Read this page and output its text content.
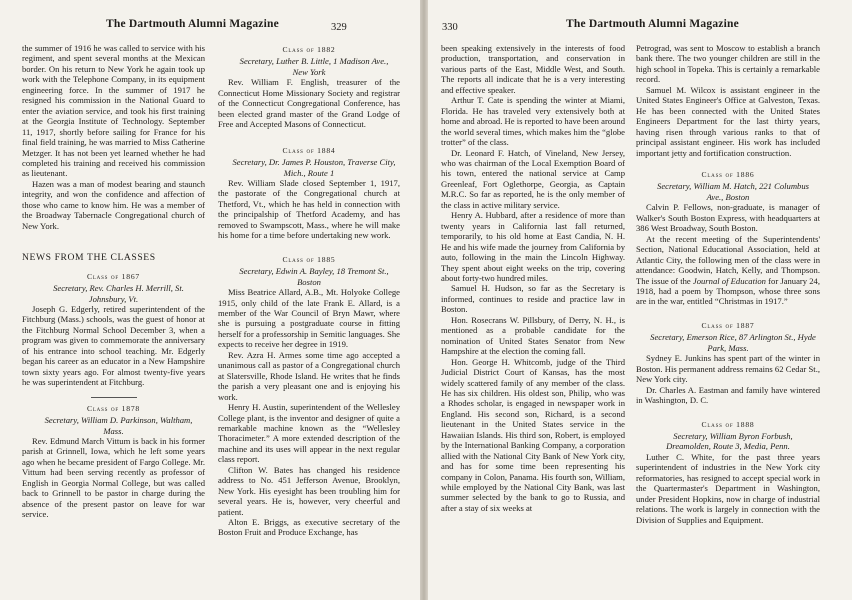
The Dartmouth Alumni Magazine	329

the summer of 1916 he was called to service with his regiment, and spent several months at the Mexican border. On his return to New York he again took up work with the Telephone Company, in its equipment engineering force. In the summer of 1917 he resigned his commission in the National Guard to enter the aviation service, and took his first training at the Georgia Institute of Technology. September 11, 1917, shortly before sailing for France for his final field training, he was married to Miss Catherine Metzger. It has not been yet learned whether he had completed his training and received his commission as lieutenant.

Hazen was a man of modest bearing and staunch integrity, and won the confidence and affection of those who came to know him. He was a member of the Broadway Tabernacle Congregational church of New York.

NEWS FROM THE CLASSES
Class of 1867

Secretary, Rev. Charles H. Merrill, St. Johnsbury, Vt.

Joseph G. Edgerly, retired superintendent of the Fitchburg (Mass.) schools, was the guest of honor at the Fitchburg Normal School December 3, when a program was given to commemorate the anniversary of his entrance into school teaching. Mr. Edgerly began his career as an educator in a New Hampshire town sixty years ago. For almost twenty-five years he was superintendent at Fitchburg.

Class of 1878

Secretary, William D. Parkinson, Waltham, Mass.

Rev. Edmund March Vittum is back in his former parish at Grinnell, Iowa, which he left some years ago when he became president of Fargo College. Mr. Vittum had been serving recently as professor of English in Georgia Normal College, but was called back to Grinnell to be pastor in charge during the absence of the present pastor on leave for war service.

Class of 1882

Secretary, Luther B. Little, 1 Madison Ave., New York

Rev. William F. English, treasurer of the Connecticut Home Missionary Society and registrar of the Connecticut Congregational Conference, has been elected grand master of the Grand Lodge of Free and Accepted Masons of Connecticut.

Class of 1884

Secretary, Dr. James P. Houston, Traverse City, Mich., Route 1

Rev. William Slade closed September 1, 1917, the pastorate of the Congregational church at Thetford, Vt., which he has held in connection with the principalship of Thetford Academy, and has removed to Swampscott, Mass., where he will make his home for a time before undertaking new work.

Class of 1885

Secretary, Edwin A. Bayley, 18 Tremont St., Boston

Miss Beatrice Allard, A.B., Mt. Holyoke College 1915, only child of the late Frank E. Allard, is a member of the War Council of Bryn Mawr, where she is pursuing a postgraduate course in fitting herself for a professorship in Semitic languages. She expects to receive her degree in 1919.

Rev. Azra H. Armes some time ago accepted a unanimous call as pastor of a Congregational church at Slatersville, Rhode Island. He writes that he finds the parish a very pleasant one and is enjoying his work.

Henry H. Austin, superintendent of the Wellesley College plant, is the inventor and designer of quite a remarkable machine known as the “Wellesley Thoracimeter.” A more extended description of the machine and its uses will appear in the next regular class report.

Clifton W. Bates has changed his residence address to No. 451 Jefferson Avenue, Brooklyn, New York. His eyesight has been troubling him for several years. He is, however, very cheerful and patient.

Alton E. Briggs, as executive secretary of the Boston Fruit and Produce Exchange, has

330	The Dartmouth Alumni Magazine

been speaking extensively in the interests of food production, transportation, and conservation in various parts of the East, Middle West, and South. The reports all indicate that he is a very interesting and effective speaker.

Arthur T. Cate is spending the winter at Miami, Florida. He has traveled very extensively both at home and abroad. He is reported to have been around the world several times, which makes him the “globe trotter” of the class.

Dr. Leonard F. Hatch, of Vineland, New Jersey, who was chairman of the Local Exemption Board of his town, entered the national service at Camp Greenleaf, Fort Oglethorpe, Georgia, as Captain M.R.C. So far as reported, he is the only member of the class in active military service.

Henry A. Hubbard, after a residence of more than twenty years in California last fall returned, temporarily, to his old home at East Candia, N. H. He and his wife made the journey from California by auto, following in the main the Lincoln Highway. They spent about eight weeks on the trip, covering about forty-two hundred miles.

Samuel H. Hudson, so far as the Secretary is informed, continues to reside and practice law in Boston.

Hon. Rosecrans W. Pillsbury, of Derry, N. H., is mentioned as a probable candidate for the nomination of United States Senator from New Hampshire at the election the coming fall.

Hon. George H. Whitcomb, judge of the Third Judicial District Court of Kansas, has the most widely scattered family of any member of the class. He has six children. His oldest son, Philip, who was a Rhodes scholar, is engaged in newspaper work in England. His second son, Richard, is a second lieutenant in the United States service in the Hawaiian Islands. His third son, Robert, is employed by the International Banking Company, a corporation allied with the National City Bank of New York city, and has for some time been representing his company in Colon, Panama. His fourth son, William, while employed by the National City Bank, was last summer selected by the bank to go to Russia, and after a stay of six weeks at

Petrograd, was sent to Moscow to establish a branch bank there. The two younger children are still in the high school in Topeka. This is certainly a remarkable record.

Samuel M. Wilcox is assistant engineer in the United States Engineer's Office at Galveston, Texas. He has been connected with the United States Engineers Department for the last thirty years, having risen through various ranks to that of principal assistant engineer. His work has included important jetty and fortification construction.

Class of 1886

Secretary, William M. Hatch, 221 Columbus Ave., Boston

Calvin P. Fellows, non-graduate, is manager of Walker's South Boston Express, with headquarters at 386 West Broadway, South Boston.

At the recent meeting of the Superintendents' Section, National Educational Association, held at Atlantic City, the following men of the class were in attendance: Goodwin, Hatch, Kelly, and Thompson. The issue of the Journal of Education for January 24, 1918, had a poem by Thompson, whose three sons are in the war, entitled “Christmas in 1917.”

Class of 1887

Secretary, Emerson Rice, 87 Arlington St., Hyde Park, Mass.

Sydney E. Junkins has spent part of the winter in Boston. His permanent address remains 62 Cedar St., New York city.

Dr. Charles A. Eastman and family have wintered in Washington, D. C.

Class of 1888

Secretary, William Byron Forbush, Dreamolden, Route 3, Media, Penn.

Luther C. White, for the past three years superintendent of industries in the New York city reformatories, has resigned to accept special work in the Quartermaster's Department in Washington, under President Hopkins, now in charge of industrial relations. The work is largely in connection with the Division of Supplies and Equipment.
